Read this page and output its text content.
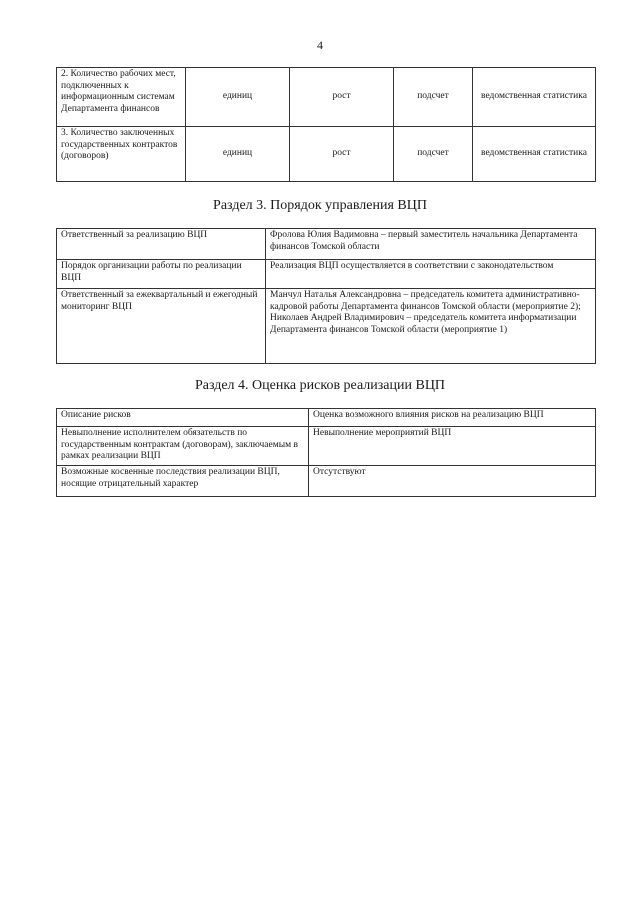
4
2. Количество рабочих мест, подключенных к информационным системам Департамента финансов	единиц	рост	подсчет	ведомственная статистика

3. Количество заключенных государственных контрактов (договоров)	единиц	рост	подсчет	ведомственная статистика
Раздел 3. Порядок управления ВЦП
Ответственный за реализацию ВЦП	Фролова Юлия Вадимовна – первый заместитель начальника Департамента финансов Томской области
Порядок организации работы по реализации ВЦП	Реализация ВЦП осуществляется в соответствии с законодательством
Ответственный за ежеквартальный и ежегодный мониторинг ВЦП	Манчул Наталья Александровна – председатель комитета административно-кадровой работы Департамента финансов Томской области (мероприятие 2);
Николаев Андрей Владимирович – председатель комитета информатизации Департамента финансов Томской области (мероприятие 1)
Раздел 4. Оценка рисков реализации ВЦП
Описание рисков	Оценка возможного влияния рисков на реализацию ВЦП
Невыполнение исполнителем обязательств по государственным контрактам (договорам), заключаемым в рамках реализации ВЦП	Невыполнение мероприятий ВЦП
Возможные косвенные последствия реализации ВЦП, носящие отрицательный характер	Отсутствуют
